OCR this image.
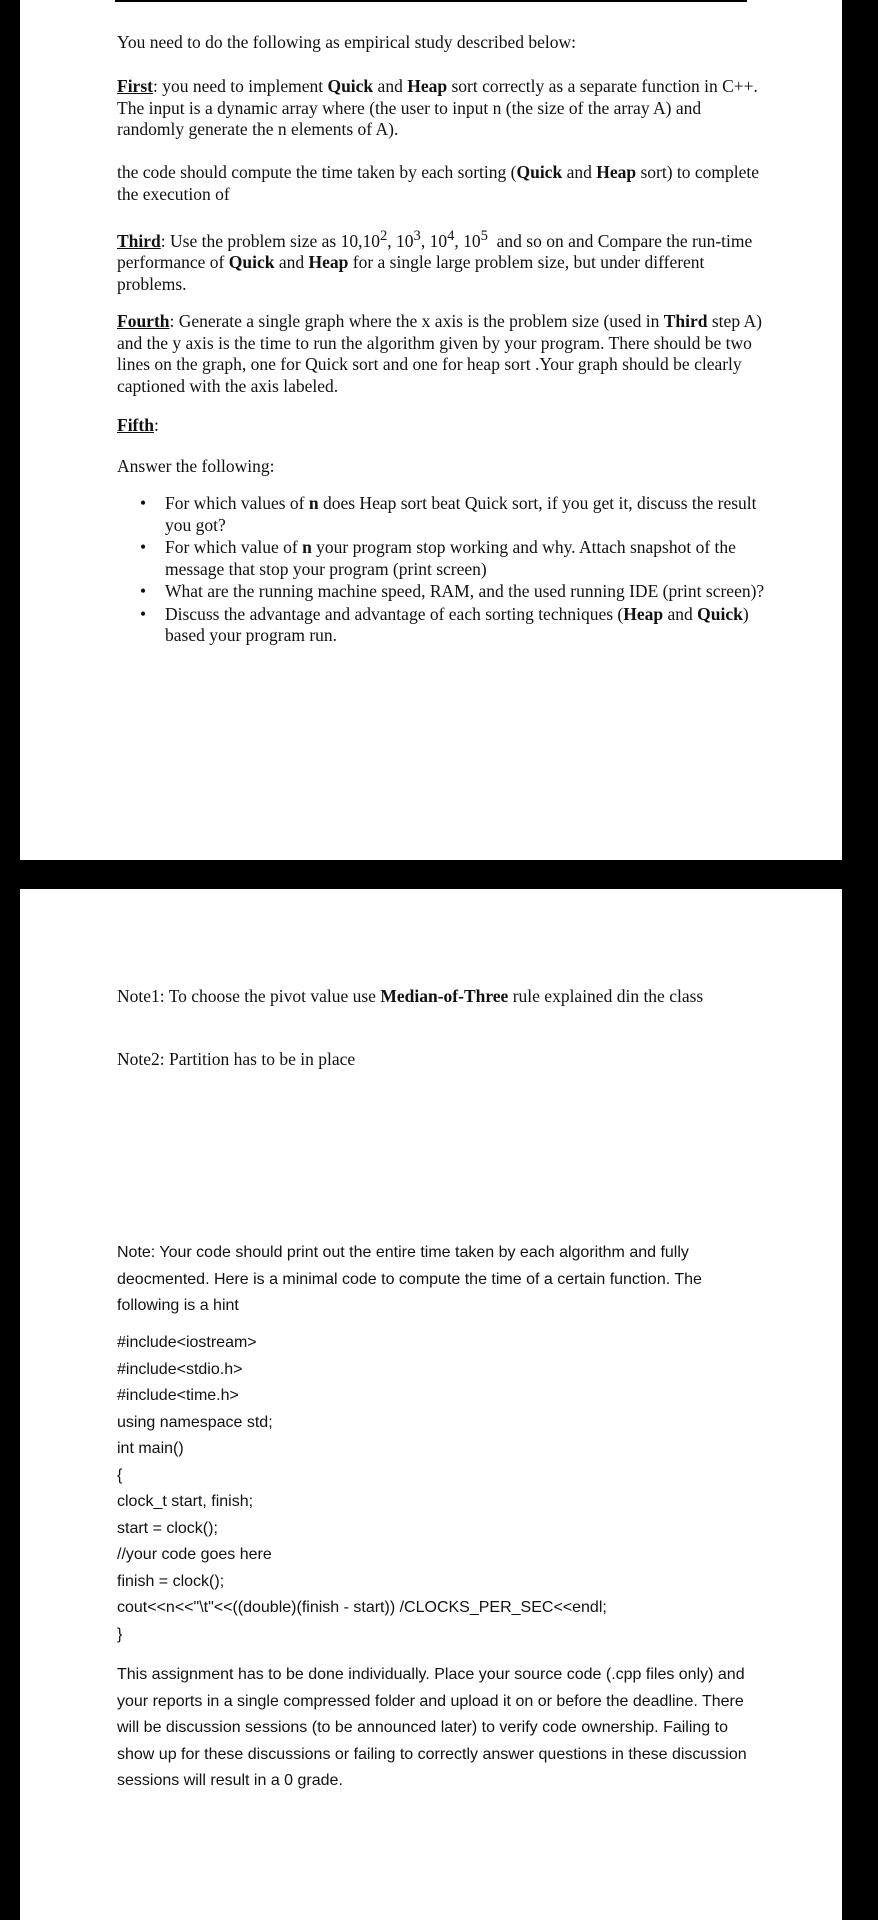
You need to do the following as empirical study described below:

First: you need to implement Quick and Heap sort correctly as a separate function in C++. The input is a dynamic array where (the user to input n (the size of the array A) and randomly generate the n elements of A).

the code should compute the time taken by each sorting (Quick and Heap sort) to complete the execution of

Third: Use the problem size as 10,10$^2$, $10^3$, $10^4$, $10^5$  and so on and Compare the run-time performance of Quick and Heap for a single large problem size, but under different problems.

Fourth: Generate a single graph where the x axis is the problem size (used in Third step A) and the y axis is the time to run the algorithm given by your program. There should be two lines on the graph, one for Quick sort and one for heap sort .Your graph should be clearly captioned with the axis labeled.

Fifth:

Answer the following:

• For which values of n does Heap sort beat Quick sort, if you get it, discuss the result you got?
• For which value of n your program stop working and why. Attach snapshot of the message that stop your program (print screen)
• What are the running machine speed, RAM, and the used running IDE (print screen)?
• Discuss the advantage and advantage of each sorting techniques (Heap and Quick) based your program run.

Note1: To choose the pivot value use Median-of-Three rule explained din the class

Note2: Partition has to be in place

Note: Your code should print out the entire time taken by each algorithm and fully deocmented. Here is a minimal code to compute the time of a certain function. The following is a hint

#include<iostream>
#include<stdio.h>
#include<time.h>
using namespace std;
int main()
{
clock_t start, finish;
start = clock();
//your code goes here
finish = clock();
cout<<n<<"\t"<<((double)(finish - start)) /CLOCKS_PER_SEC<<endl;
}

This assignment has to be done individually. Place your source code (.cpp files only) and your reports in a single compressed folder and upload it on or before the deadline. There will be discussion sessions (to be announced later) to verify code ownership. Failing to show up for these discussions or failing to correctly answer questions in these discussion sessions will result in a 0 grade.
